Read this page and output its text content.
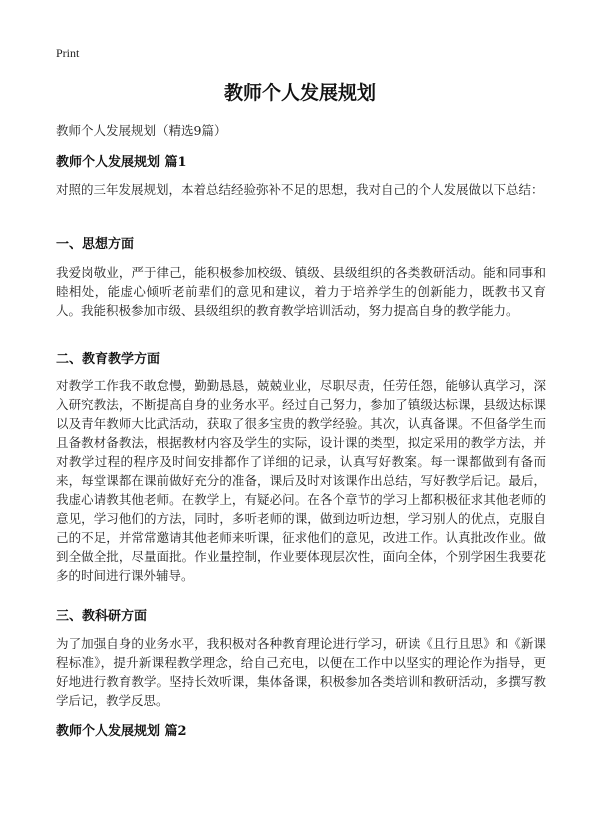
Print
教师个人发展规划
教师个人发展规划（精选9篇）
教师个人发展规划 篇1

对照的三年发展规划，本着总结经验弥补不足的思想，我对自己的个人发展做以下总结：

一、思想方面

我爱岗敬业，严于律己，能积极参加校级、镇级、县级组织的各类教研活动。能和同事和睦相处，能虚心倾听老前辈们的意见和建议，着力于培养学生的创新能力，既教书又育人。我能积极参加市级、县级组织的教育教学培训活动，努力提高自身的教学能力。

二、教育教学方面

对教学工作我不敢怠慢，勤勤恳恳，兢兢业业，尽职尽责，任劳任怨，能够认真学习，深入研究教法，不断提高自身的业务水平。经过自己努力，参加了镇级达标课，县级达标课以及青年教师大比武活动，获取了很多宝贵的教学经验。其次，认真备课。不但备学生而且备教材备教法，根据教材内容及学生的实际，设计课的类型，拟定采用的教学方法，并对教学过程的程序及时间安排都作了详细的记录，认真写好教案。每一课都做到有备而来，每堂课都在课前做好充分的准备，课后及时对该课作出总结，写好教学后记。最后，我虚心请教其他老师。在教学上，有疑必问。在各个章节的学习上都积极征求其他老师的意见，学习他们的方法，同时，多听老师的课，做到边听边想，学习别人的优点，克服自己的不足，并常常邀请其他老师来听课，征求他们的意见，改进工作。认真批改作业。做到全做全批，尽量面批。作业量控制，作业要体现层次性，面向全体，个别学困生我要花多的时间进行课外辅导。

三、教科研方面

为了加强自身的业务水平，我积极对各种教育理论进行学习，研读《且行且思》和《新课程标准》，提升新课程教学理念，给自己充电，以便在工作中以坚实的理论作为指导，更好地进行教育教学。坚持长效听课，集体备课，积极参加各类培训和教研活动，多撰写教学后记，教学反思。

教师个人发展规划 篇2
